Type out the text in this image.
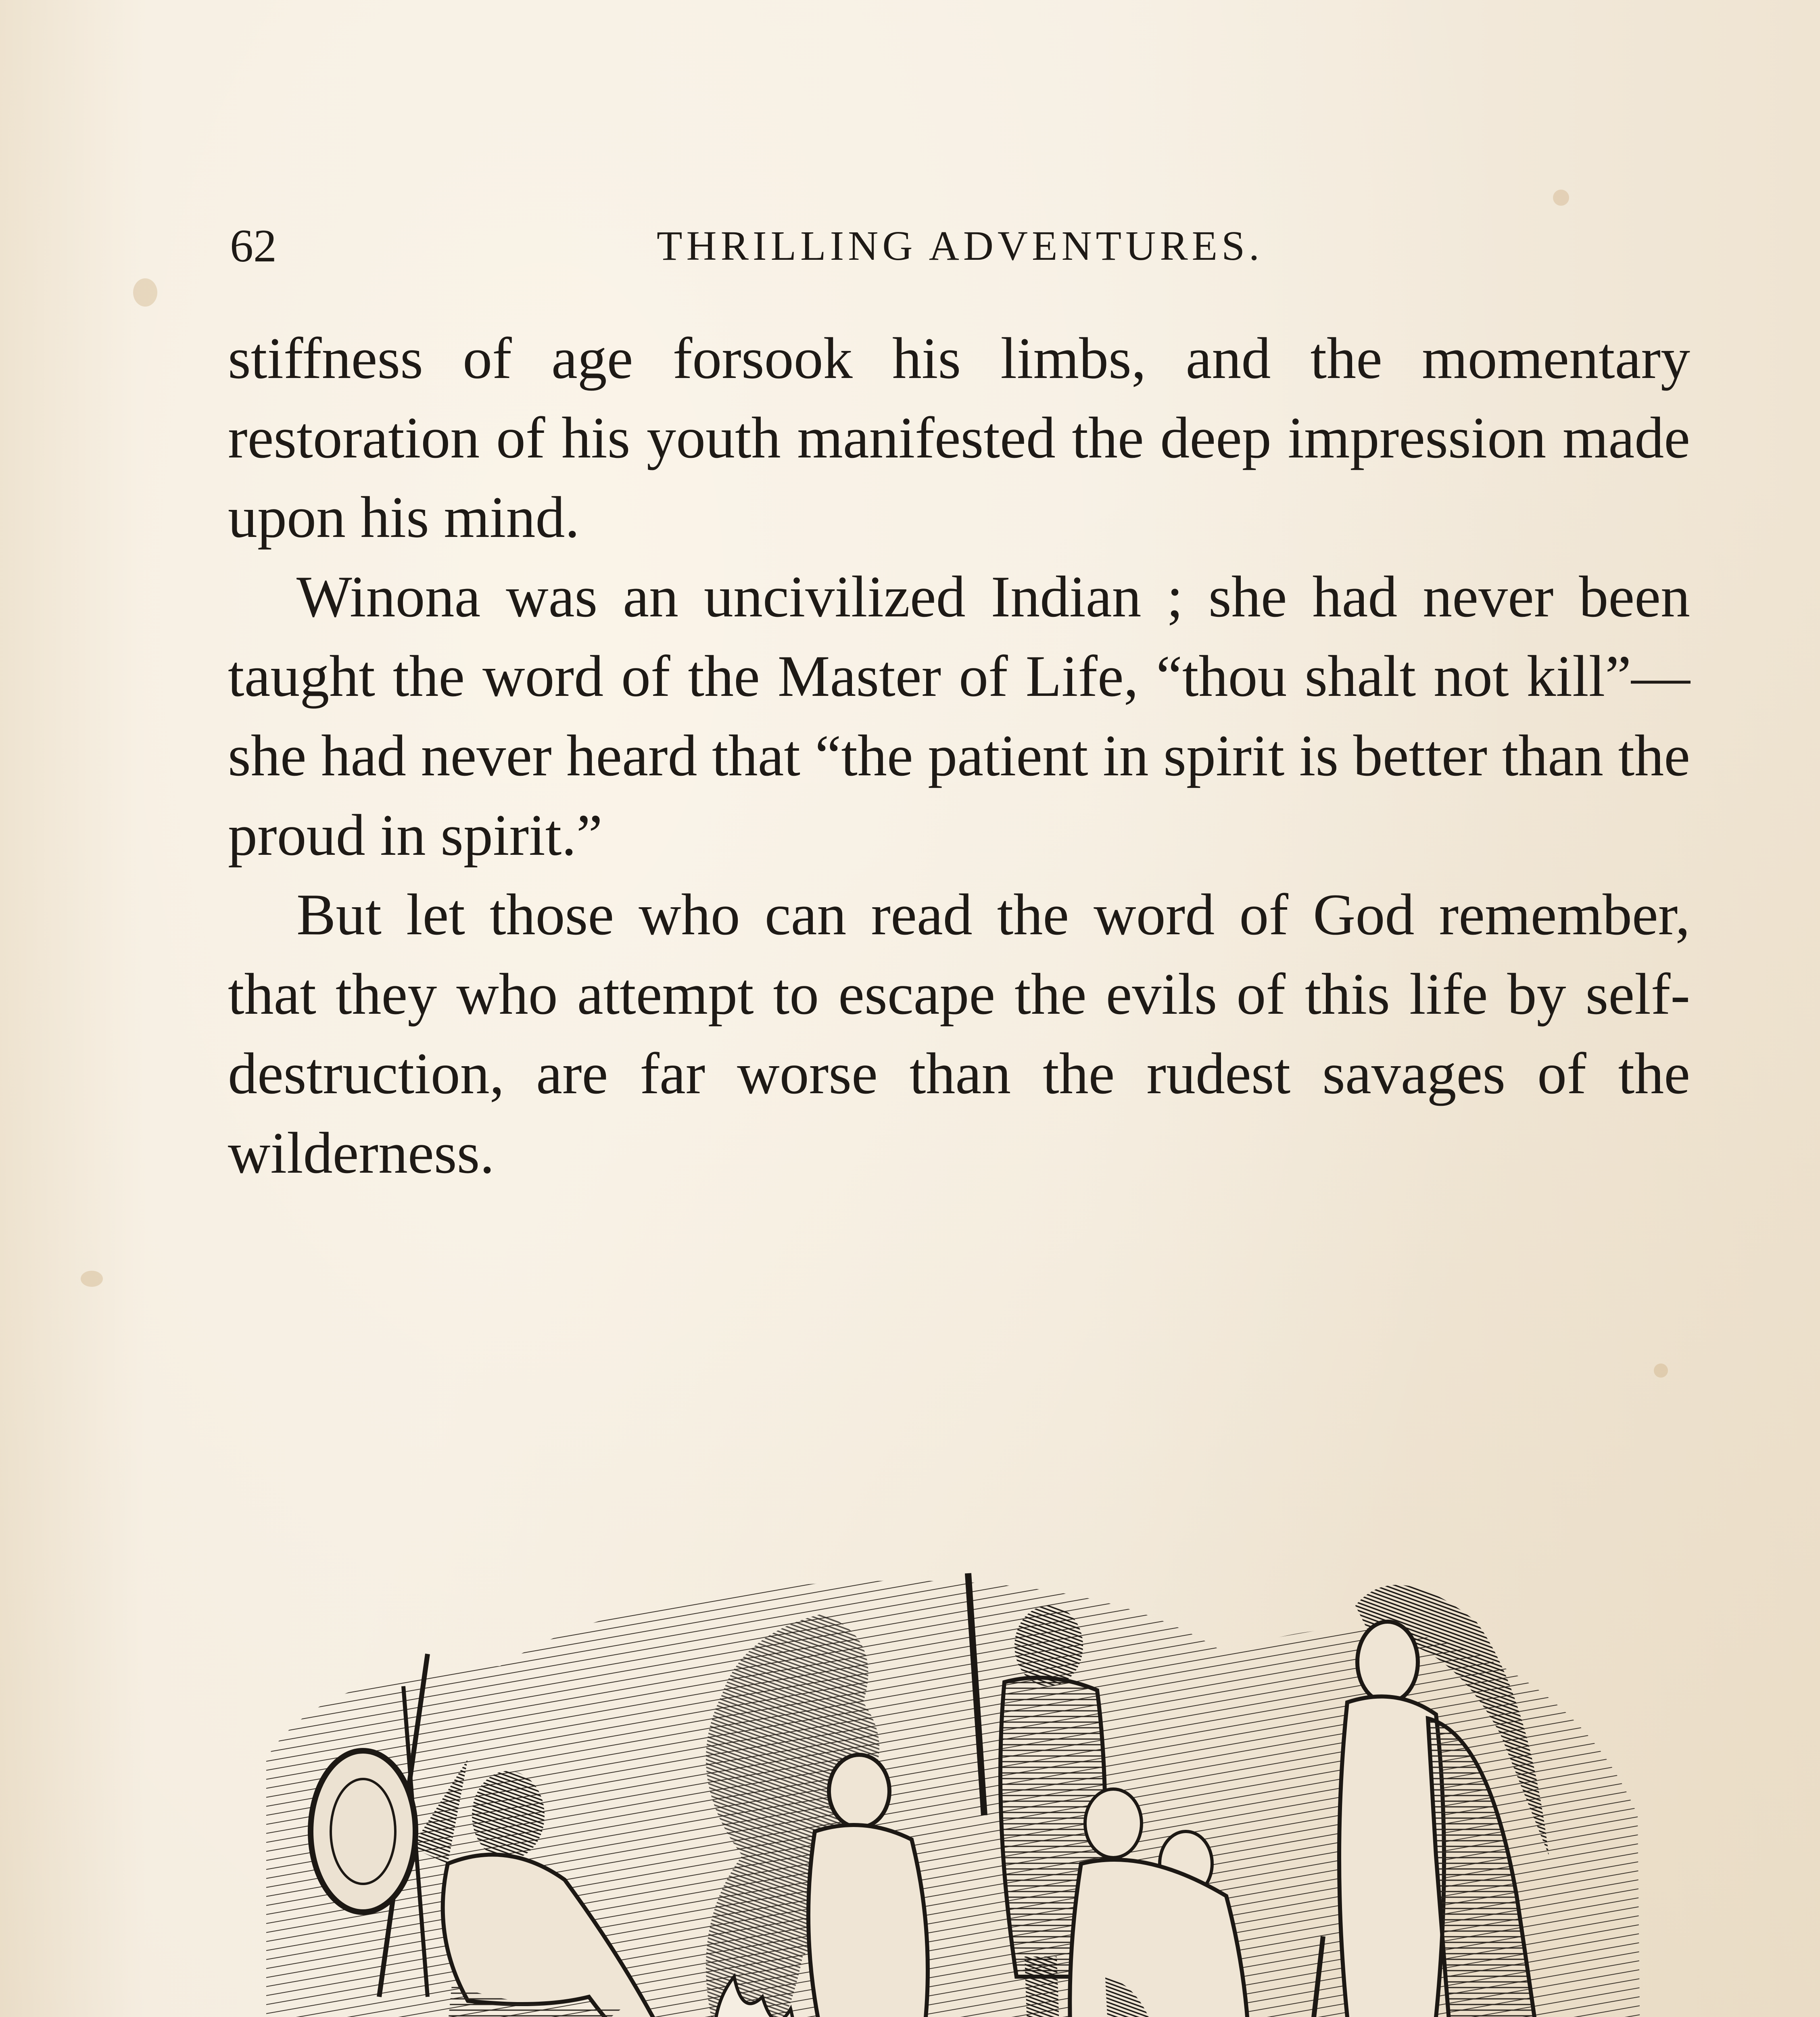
62	THRILLING ADVENTURES.

stiffness of age forsook his limbs, and the momentary restoration of his youth manifested the deep impression made upon his mind.

Winona was an uncivilized Indian ; she had never been taught the word of the Master of Life, “thou shalt not kill”—she had never heard that “the patient in spirit is better than the proud in spirit.”

But let those who can read the word of God remember, that they who attempt to escape the evils of this life by self-destruction, are far worse than the rudest savages of the wilderness.
